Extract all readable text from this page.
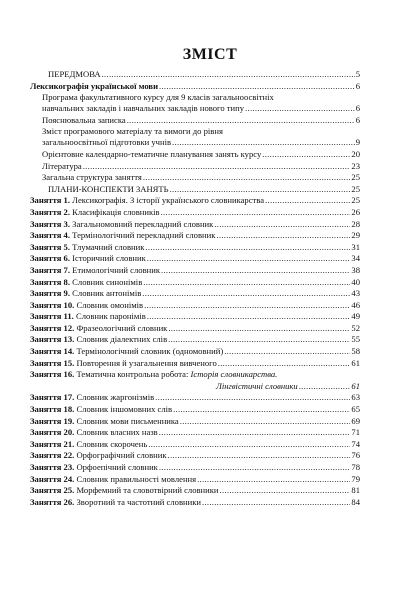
ЗМІСТ
ПЕРЕДМОВА .....	5
Лексикографія української мови .....	6
Програма факультативного курсу для 9 класів загальноосвітніх
навчальних закладів і навчальних закладів нового типу .....	6
Пояснювальна записка .....	6
Зміст програмового матеріалу та вимоги до рівня
загальноосвітньої підготовки учнів .....	9
Орієнтовне календарно-тематичне планування занять курсу .....	20
Література .....	23
Загальна структура заняття .....	25
ПЛАНИ-КОНСПЕКТИ ЗАНЯТЬ .....	25
Заняття 1. Лексикографія. З історії українського словникарства .....	25
Заняття 2. Класифікація словників .....	26
Заняття 3. Загальномовний перекладний словник .....	28
Заняття 4. Термінологічний перекладний словник .....	29
Заняття 5. Тлумачний словник .....	31
Заняття 6. Історичний словник .....	34
Заняття 7. Етимологічний словник .....	38
Заняття 8. Словник синонімів .....	40
Заняття 9. Словник антонімів .....	43
Заняття 10. Словник омонімів .....	46
Заняття 11. Словник паронімів .....	49
Заняття 12. Фразеологічний словник .....	52
Заняття 13. Словник діалектних слів .....	55
Заняття 14. Термінологічний словник (одномовний) .....	58
Заняття 15. Повторення й узагальнення вивченого .....	61
Заняття 16. Тематична контрольна робота: Історія словникарства.
Лінгвістичні словники .....	61
Заняття 17. Словник жаргонізмів .....	63
Заняття 18. Словник іншомовних слів .....	65
Заняття 19. Словник мови письменника .....	69
Заняття 20. Словник власних назв .....	71
Заняття 21. Словник скорочень .....	74
Заняття 22. Орфографічний словник .....	76
Заняття 23. Орфоепічний словник .....	78
Заняття 24. Словник правильності мовлення .....	79
Заняття 25. Морфемний та словотвірний словники .....	81
Заняття 26. Зворотний та частотний словники .....	84
